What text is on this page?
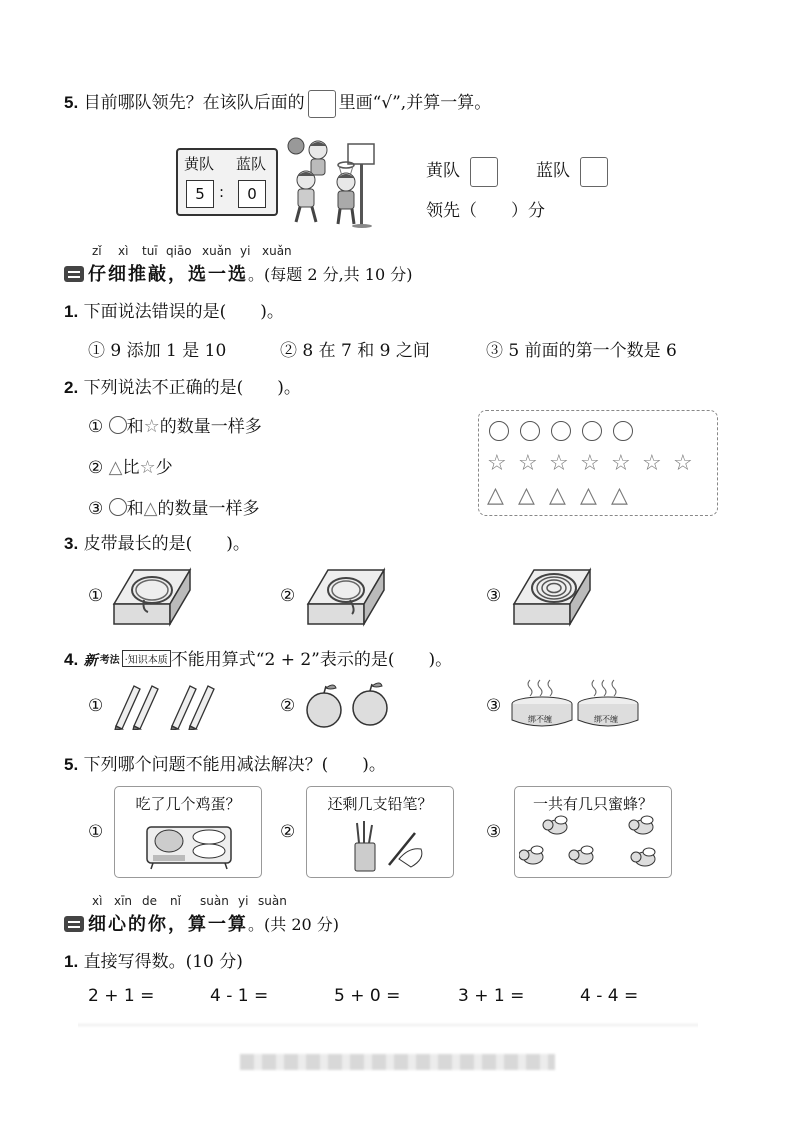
5. 目前哪队领先？在该队后面的 里画“√”,并算一算。
黄队 蓝队
5 :	0
黄队	蓝队
领先（　　）分
zǐ xì tuī qiāo xuǎn yi xuǎn
仔细推敲，选一选。(每题 2 分,共 10 分)
1. 下面说法错误的是(　　)。
① 9 添加 1 是 10	② 8 在 7 和 9 之间	③ 5 前面的第一个数是 6
2. 下列说法不正确的是(　　)。
① 和☆的数量一样多
② △比☆少
③ 和△的数量一样多
☆ ☆ ☆ ☆ ☆ ☆ ☆
△ △ △ △ △
3. 皮带最长的是(　　)。
①	②	③
4. 新 考法 ·知识本质 不能用算式“2 + 2”表示的是(　　)。
①	②	③
绑不缠	绑不缠
5. 下列哪个问题不能用减法解决？(　　)。
①	②	③
吃了几个鸡蛋？	还剩几支铅笔？	一共有几只蜜蜂？
xì xīn de nǐ suàn yi suàn
细心的你，算一算。(共 20 分)
1. 直接写得数。(10 分)
2 + 1 =	4 - 1 =	5 + 0 =	3 + 1 =	4 - 4 =
